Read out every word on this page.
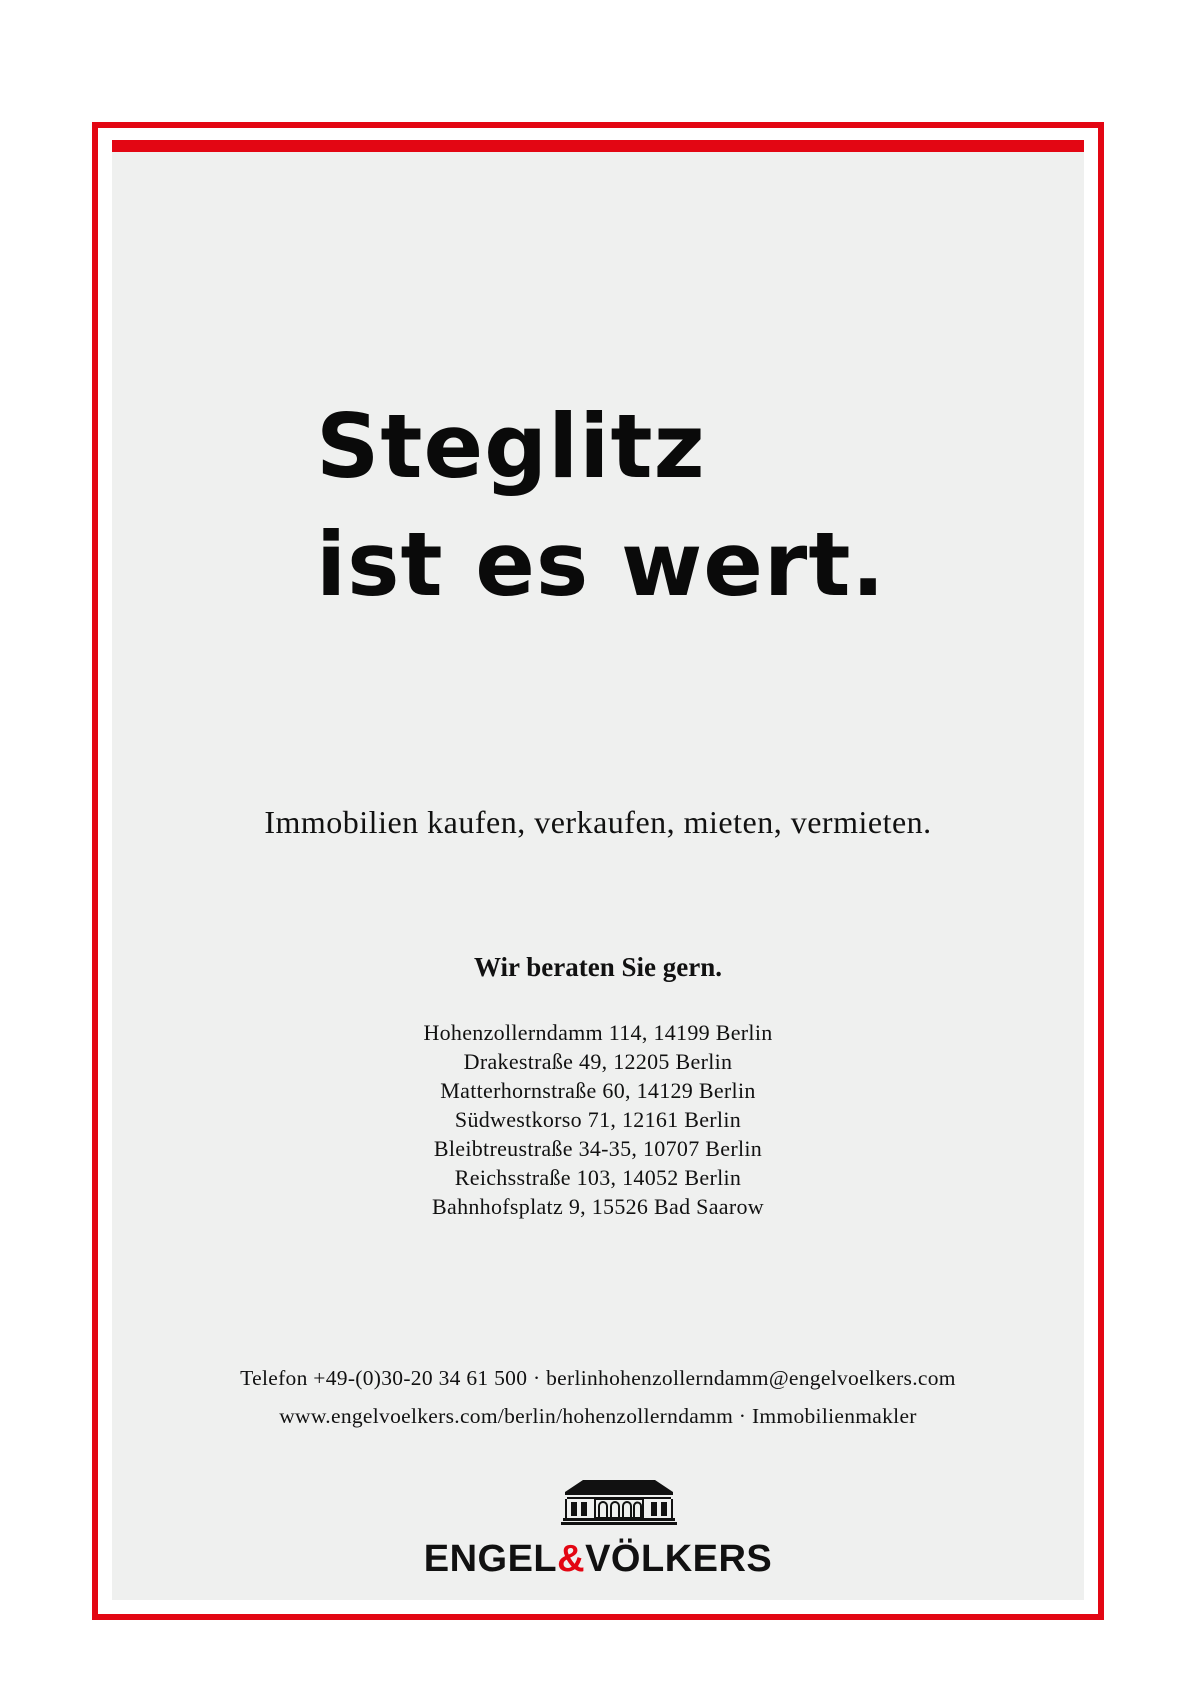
Steglitz
ist es wert.
Immobilien kaufen, verkaufen, mieten, vermieten.
Wir beraten Sie gern.
Hohenzollerndamm 114, 14199 Berlin
Drakestraße 49, 12205 Berlin
Matterhornstraße 60, 14129 Berlin
Südwestkorso 71, 12161 Berlin
Bleibtreustraße 34-35, 10707 Berlin
Reichsstraße 103, 14052 Berlin
Bahnhofsplatz 9, 15526 Bad Saarow
Telefon +49-(0)30-20 34 61 500 · berlinhohenzollerndamm@engelvoelkers.com
www.engelvoelkers.com/berlin/hohenzollerndamm · Immobilienmakler
ENGEL&VÖLKERS
